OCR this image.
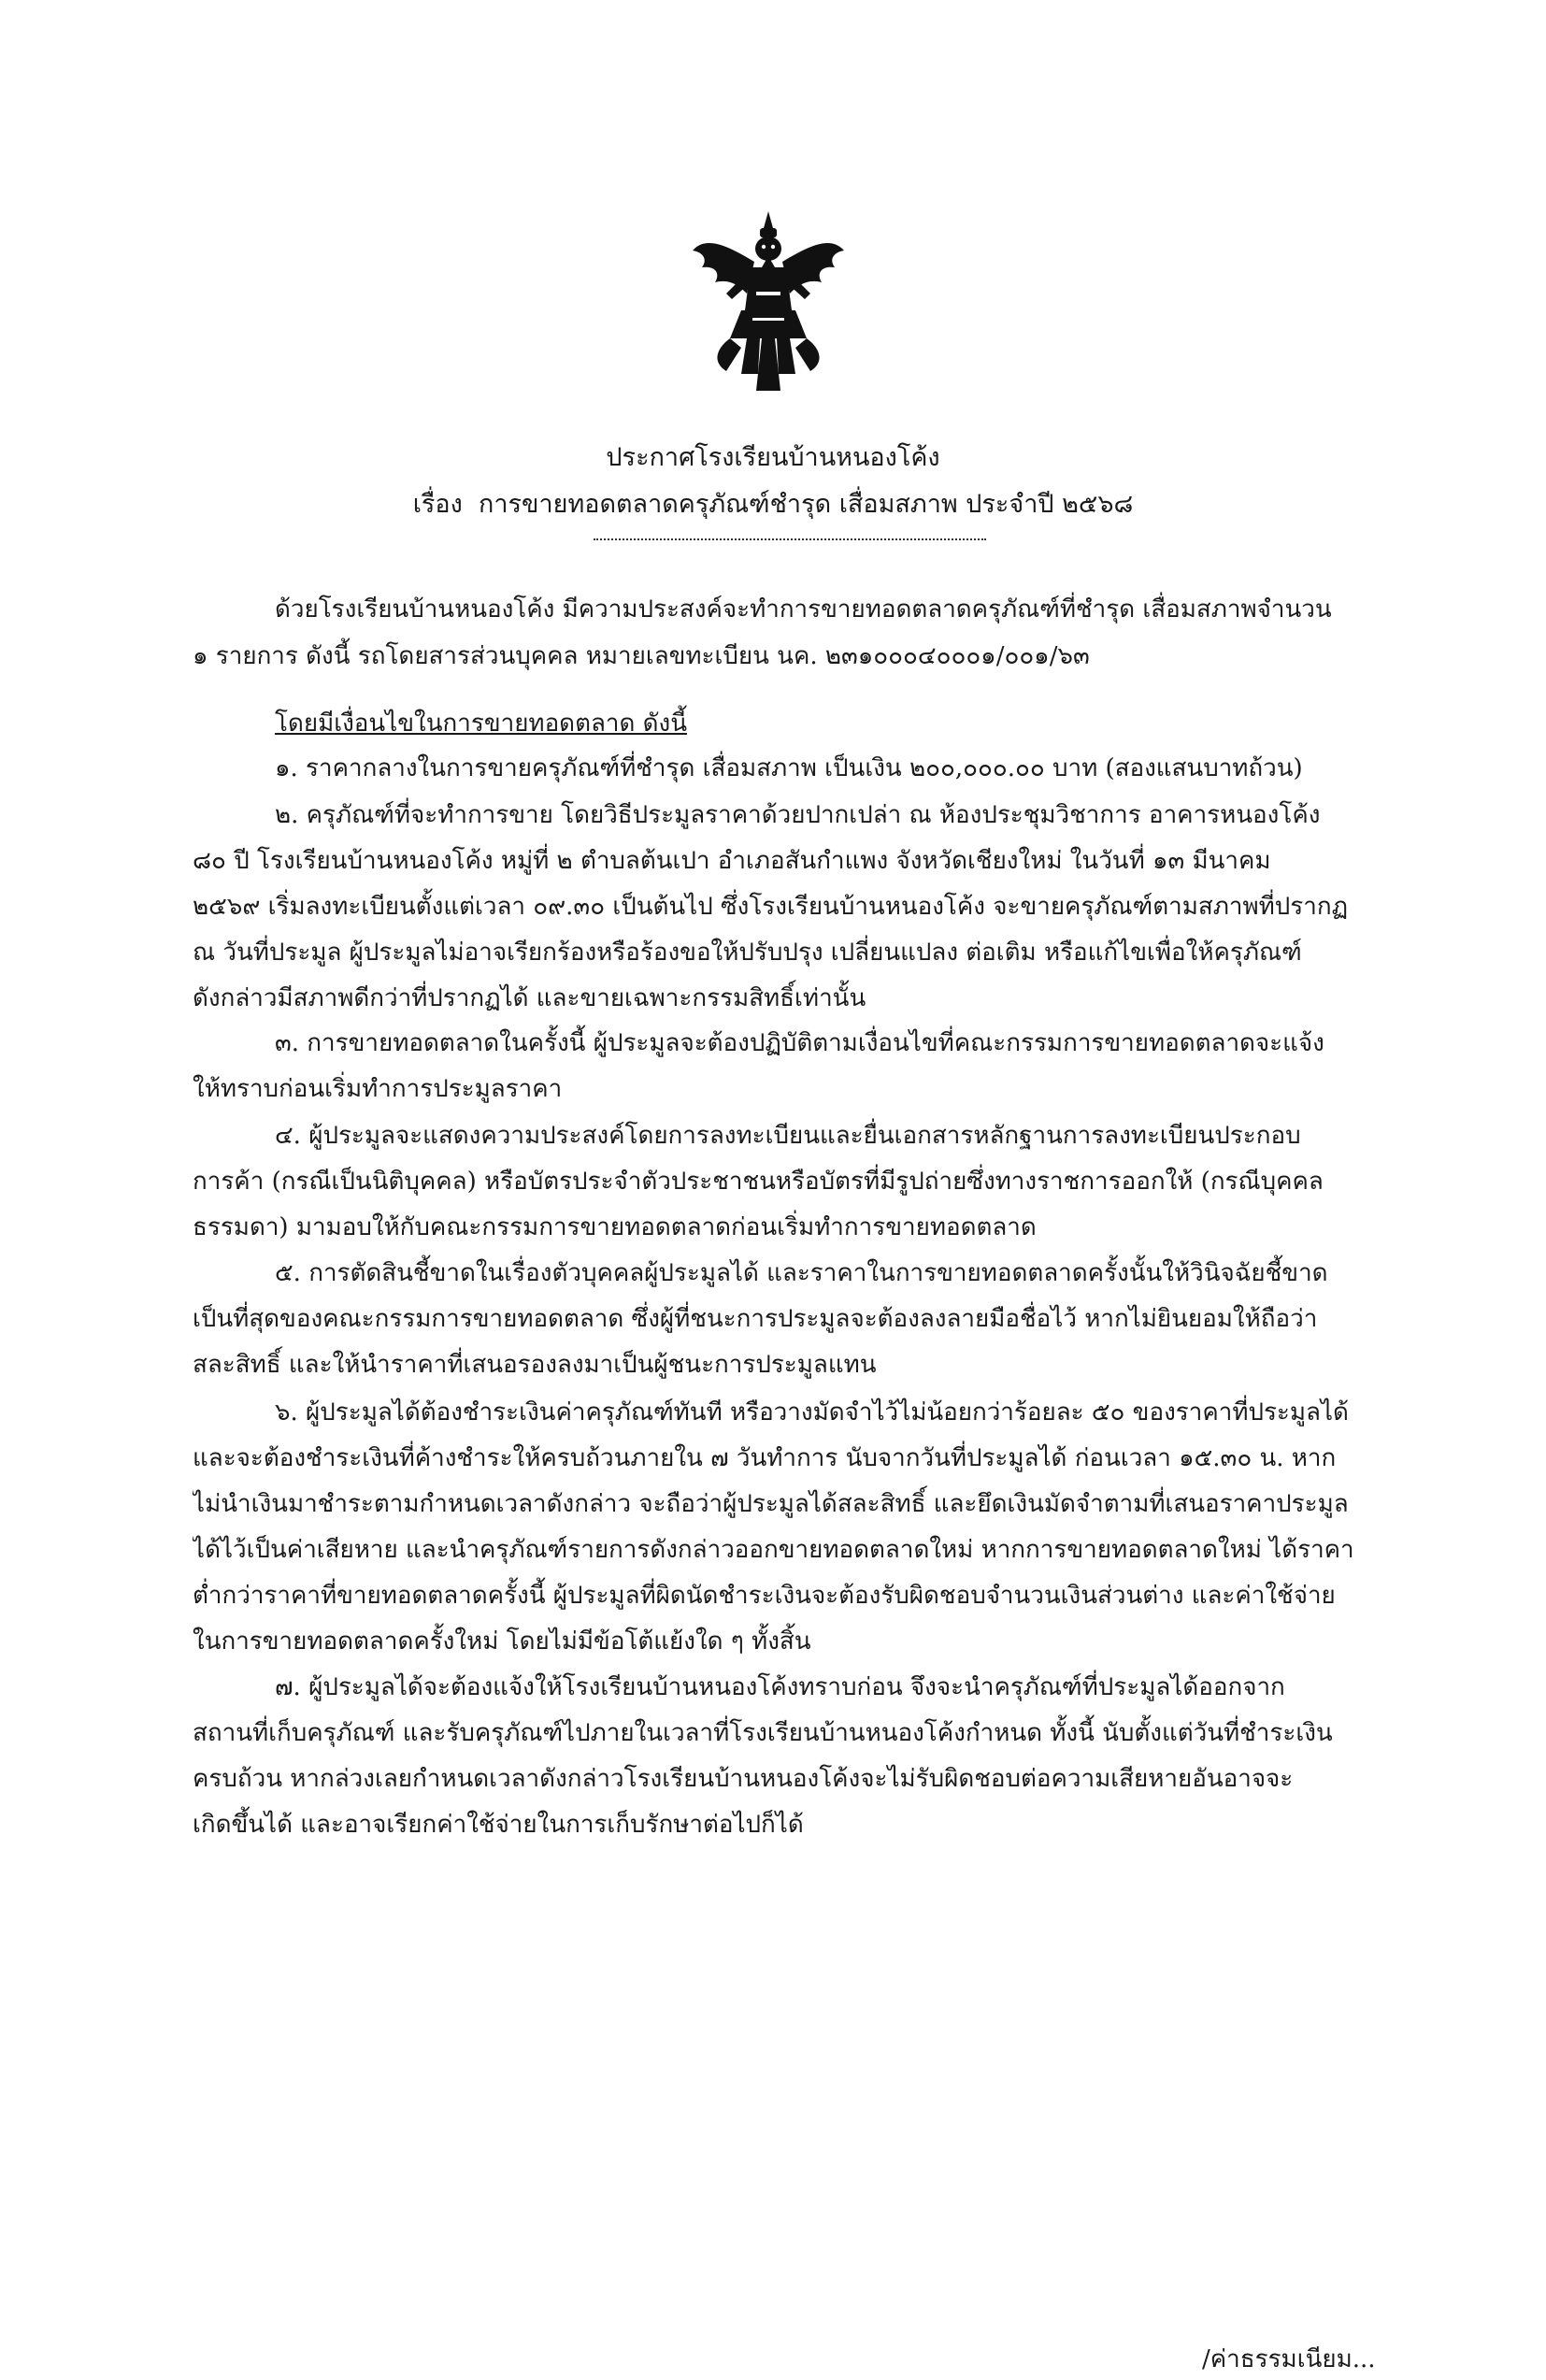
ประกาศโรงเรียนบ้านหนองโค้ง
เรื่อง การขายทอดตลาดครุภัณฑ์ชำรุด เสื่อมสภาพ ประจำปี ๒๕๖๘

ด้วยโรงเรียนบ้านหนองโค้ง มีความประสงค์จะทำการขายทอดตลาดครุภัณฑ์ที่ชำรุด เสื่อมสภาพจำนวน
๑ รายการ ดังนี้ รถโดยสารส่วนบุคคล หมายเลขทะเบียน นค. ๒๓๑๐๐๐๔๐๐๐๑/๐๐๑/๖๓
โดยมีเงื่อนไขในการขายทอดตลาด ดังนี้
๑. ราคากลางในการขายครุภัณฑ์ที่ชำรุด เสื่อมสภาพ เป็นเงิน ๒๐๐,๐๐๐.๐๐ บาท (สองแสนบาทถ้วน)
๒. ครุภัณฑ์ที่จะทำการขาย โดยวิธีประมูลราคาด้วยปากเปล่า ณ ห้องประชุมวิชาการ อาคารหนองโค้ง
๘๐ ปี โรงเรียนบ้านหนองโค้ง หมู่ที่ ๒ ตำบลต้นเปา อำเภอสันกำแพง จังหวัดเชียงใหม่ ในวันที่ ๑๓ มีนาคม
๒๕๖๙ เริ่มลงทะเบียนตั้งแต่เวลา ๐๙.๓๐ เป็นต้นไป ซึ่งโรงเรียนบ้านหนองโค้ง จะขายครุภัณฑ์ตามสภาพที่ปรากฏ
ณ วันที่ประมูล ผู้ประมูลไม่อาจเรียกร้องหรือร้องขอให้ปรับปรุง เปลี่ยนแปลง ต่อเติม หรือแก้ไขเพื่อให้ครุภัณฑ์
ดังกล่าวมีสภาพดีกว่าที่ปรากฏได้ และขายเฉพาะกรรมสิทธิ์เท่านั้น
๓. การขายทอดตลาดในครั้งนี้ ผู้ประมูลจะต้องปฏิบัติตามเงื่อนไขที่คณะกรรมการขายทอดตลาดจะแจ้ง
ให้ทราบก่อนเริ่มทำการประมูลราคา
๔. ผู้ประมูลจะแสดงความประสงค์โดยการลงทะเบียนและยื่นเอกสารหลักฐานการลงทะเบียนประกอบ
การค้า (กรณีเป็นนิติบุคคล) หรือบัตรประจำตัวประชาชนหรือบัตรที่มีรูปถ่ายซึ่งทางราชการออกให้ (กรณีบุคคล
ธรรมดา) มามอบให้กับคณะกรรมการขายทอดตลาดก่อนเริ่มทำการขายทอดตลาด
๕. การตัดสินชี้ขาดในเรื่องตัวบุคคลผู้ประมูลได้ และราคาในการขายทอดตลาดครั้งนั้นให้วินิจฉัยชี้ขาด
เป็นที่สุดของคณะกรรมการขายทอดตลาด ซึ่งผู้ที่ชนะการประมูลจะต้องลงลายมือชื่อไว้ หากไม่ยินยอมให้ถือว่า
สละสิทธิ์ และให้นำราคาที่เสนอรองลงมาเป็นผู้ชนะการประมูลแทน
๖. ผู้ประมูลได้ต้องชำระเงินค่าครุภัณฑ์ทันที หรือวางมัดจำไว้ไม่น้อยกว่าร้อยละ ๕๐ ของราคาที่ประมูลได้
และจะต้องชำระเงินที่ค้างชำระให้ครบถ้วนภายใน ๗ วันทำการ นับจากวันที่ประมูลได้ ก่อนเวลา ๑๕.๓๐ น. หาก
ไม่นำเงินมาชำระตามกำหนดเวลาดังกล่าว จะถือว่าผู้ประมูลได้สละสิทธิ์ และยึดเงินมัดจำตามที่เสนอราคาประมูล
ได้ไว้เป็นค่าเสียหาย และนำครุภัณฑ์รายการดังกล่าวออกขายทอดตลาดใหม่ หากการขายทอดตลาดใหม่ ได้ราคา
ต่ำกว่าราคาที่ขายทอดตลาดครั้งนี้ ผู้ประมูลที่ผิดนัดชำระเงินจะต้องรับผิดชอบจำนวนเงินส่วนต่าง และค่าใช้จ่าย
ในการขายทอดตลาดครั้งใหม่ โดยไม่มีข้อโต้แย้งใด ๆ ทั้งสิ้น
๗. ผู้ประมูลได้จะต้องแจ้งให้โรงเรียนบ้านหนองโค้งทราบก่อน จึงจะนำครุภัณฑ์ที่ประมูลได้ออกจาก
สถานที่เก็บครุภัณฑ์ และรับครุภัณฑ์ไปภายในเวลาที่โรงเรียนบ้านหนองโค้งกำหนด ทั้งนี้ นับตั้งแต่วันที่ชำระเงิน
ครบถ้วน หากล่วงเลยกำหนดเวลาดังกล่าวโรงเรียนบ้านหนองโค้งจะไม่รับผิดชอบต่อความเสียหายอันอาจจะ
เกิดขึ้นได้ และอาจเรียกค่าใช้จ่ายในการเก็บรักษาต่อไปก็ได้
/ค่าธรรมเนียม...
